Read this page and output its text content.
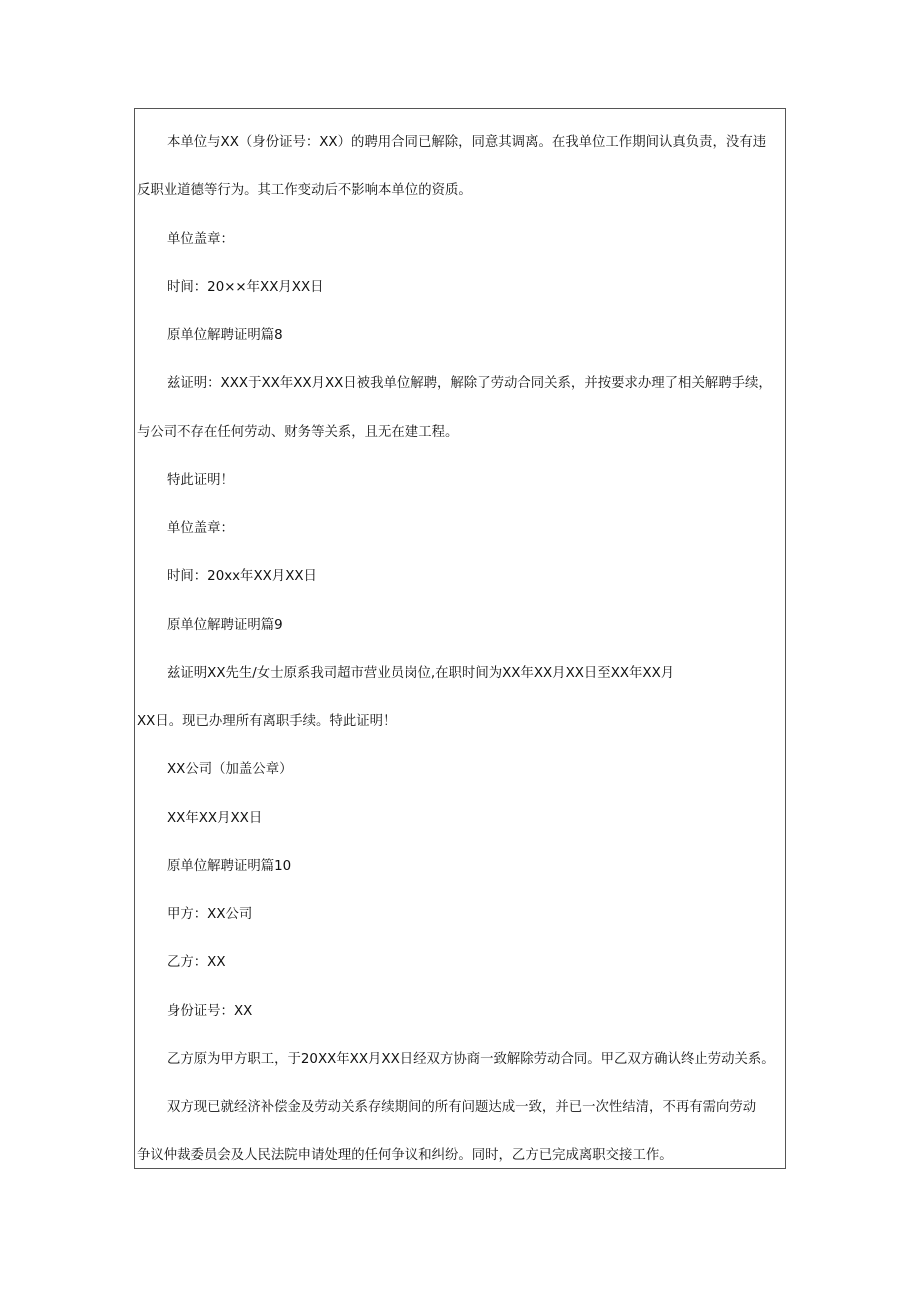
本单位与XX（身份证号：XX）的聘用合同已解除，同意其调离。在我单位工作期间认真负责，没有违
反职业道德等行为。其工作变动后不影响本单位的资质。
单位盖章：
时间：20××年XX月XX日
原单位解聘证明篇8
兹证明：XXX于XX年XX月XX日被我单位解聘，解除了劳动合同关系，并按要求办理了相关解聘手续，
与公司不存在任何劳动、财务等关系，且无在建工程。
特此证明！
单位盖章：
时间：20xx年XX月XX日
原单位解聘证明篇9
兹证明XX先生/女士原系我司超市营业员岗位,在职时间为XX年XX月XX日至XX年XX月
XX日。现已办理所有离职手续。特此证明！
XX公司（加盖公章）
XX年XX月XX日
原单位解聘证明篇10
甲方：XX公司
乙方：XX
身份证号：XX
乙方原为甲方职工，于20XX年XX月XX日经双方协商一致解除劳动合同。甲乙双方确认终止劳动关系。
双方现已就经济补偿金及劳动关系存续期间的所有问题达成一致，并已一次性结清，不再有需向劳动
争议仲裁委员会及人民法院申请处理的任何争议和纠纷。同时，乙方已完成离职交接工作。
